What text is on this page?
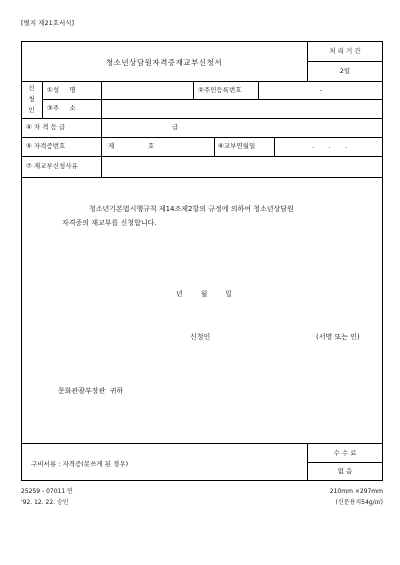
[별지 제21호서식]
청소년상담원자격증재교부신청서
처 리 기 간
2일
신
청
인
①성     명	②주민등록번호	-
③주     소
④ 자 격 등 급	급
⑤ 자격증번호	제	호	⑥교부연월일	.       .       .
⑦ 재교부신청사유
청소년기본법시행규칙 제14조제2항의 규정에 의하여 청소년상담원
자격증의 재교부를 신청합니다.
년        월        일
신청인	(서명 또는 인)
문화관광부장관  귀하
구비서류 : 자격증(못쓰게 된 경우)
수 수 료
없 음
25259 - 07011 민
'92. 12. 22. 승인
210mm ×297mm
(신문용지54g/㎡)
